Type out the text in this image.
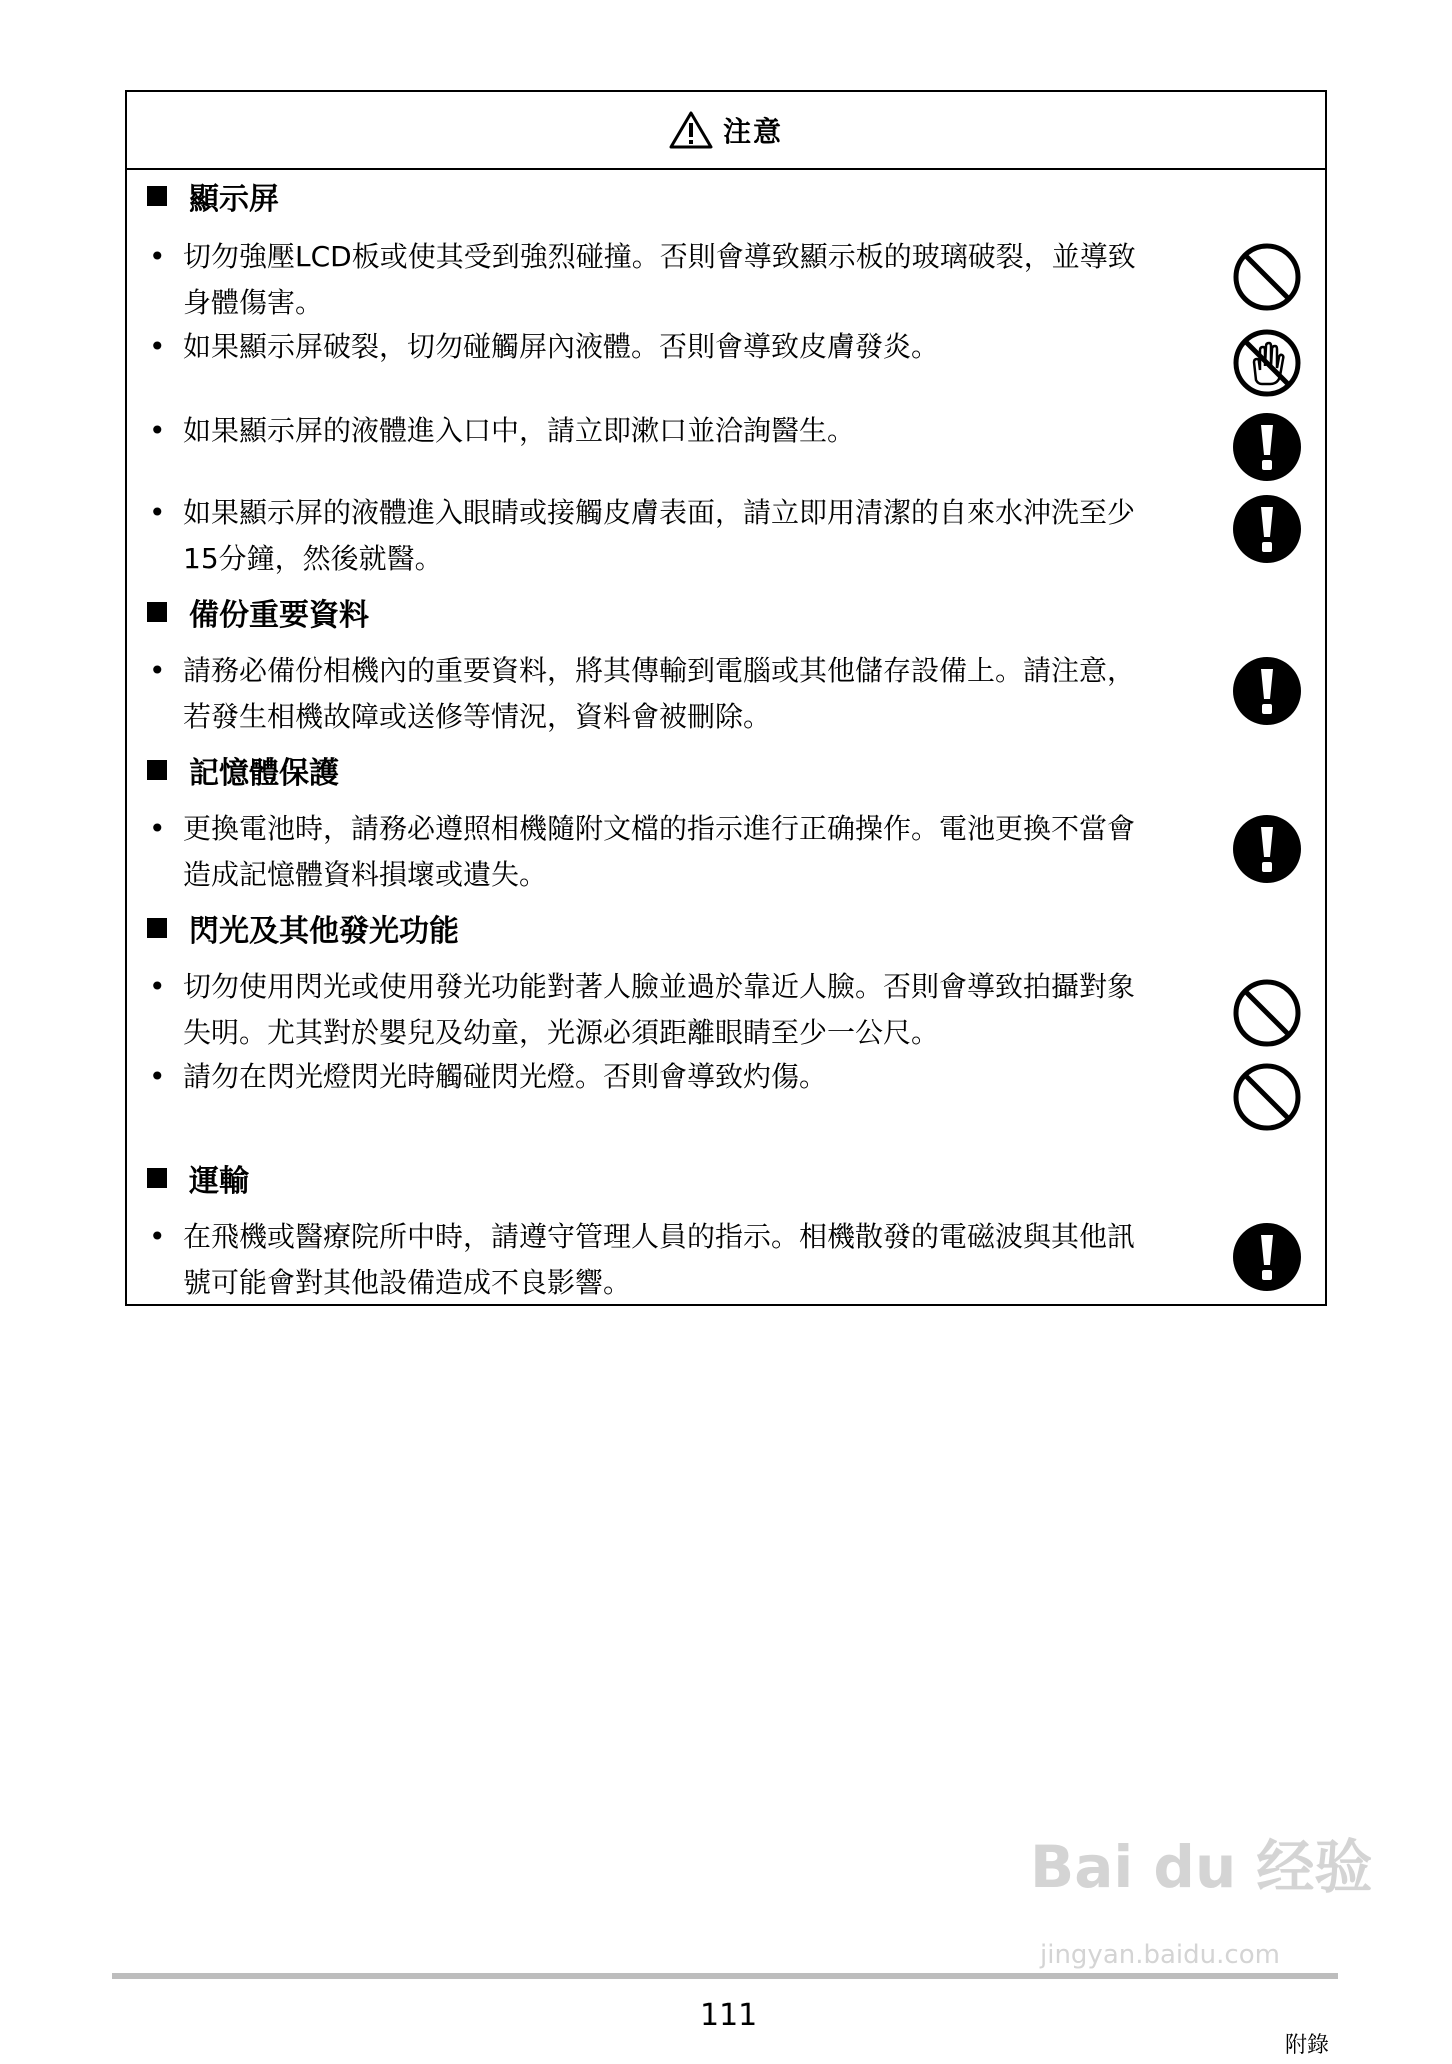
注意
顯示屏
• 切勿強壓LCD板或使其受到強烈碰撞。否則會導致顯示板的玻璃破裂，並導致身體傷害。
• 如果顯示屏破裂，切勿碰觸屏內液體。否則會導致皮膚發炎。
• 如果顯示屏的液體進入口中，請立即漱口並洽詢醫生。
• 如果顯示屏的液體進入眼睛或接觸皮膚表面，請立即用清潔的自來水沖洗至少15分鐘，然後就醫。
備份重要資料
• 請務必備份相機內的重要資料，將其傳輸到電腦或其他儲存設備上。請注意，若發生相機故障或送修等情況，資料會被刪除。
記憶體保護
• 更換電池時，請務必遵照相機隨附文檔的指示進行正确操作。電池更換不當會造成記憶體資料損壞或遺失。
閃光及其他發光功能
• 切勿使用閃光或使用發光功能對著人臉並過於靠近人臉。否則會導致拍攝對象失明。尤其對於嬰兒及幼童，光源必須距離眼睛至少一公尺。
• 請勿在閃光燈閃光時觸碰閃光燈。否則會導致灼傷。
運輸
• 在飛機或醫療院所中時，請遵守管理人員的指示。相機散發的電磁波與其他訊號可能會對其他設備造成不良影響。
Bai du 经验
jingyan.baidu.com
111
附錄
